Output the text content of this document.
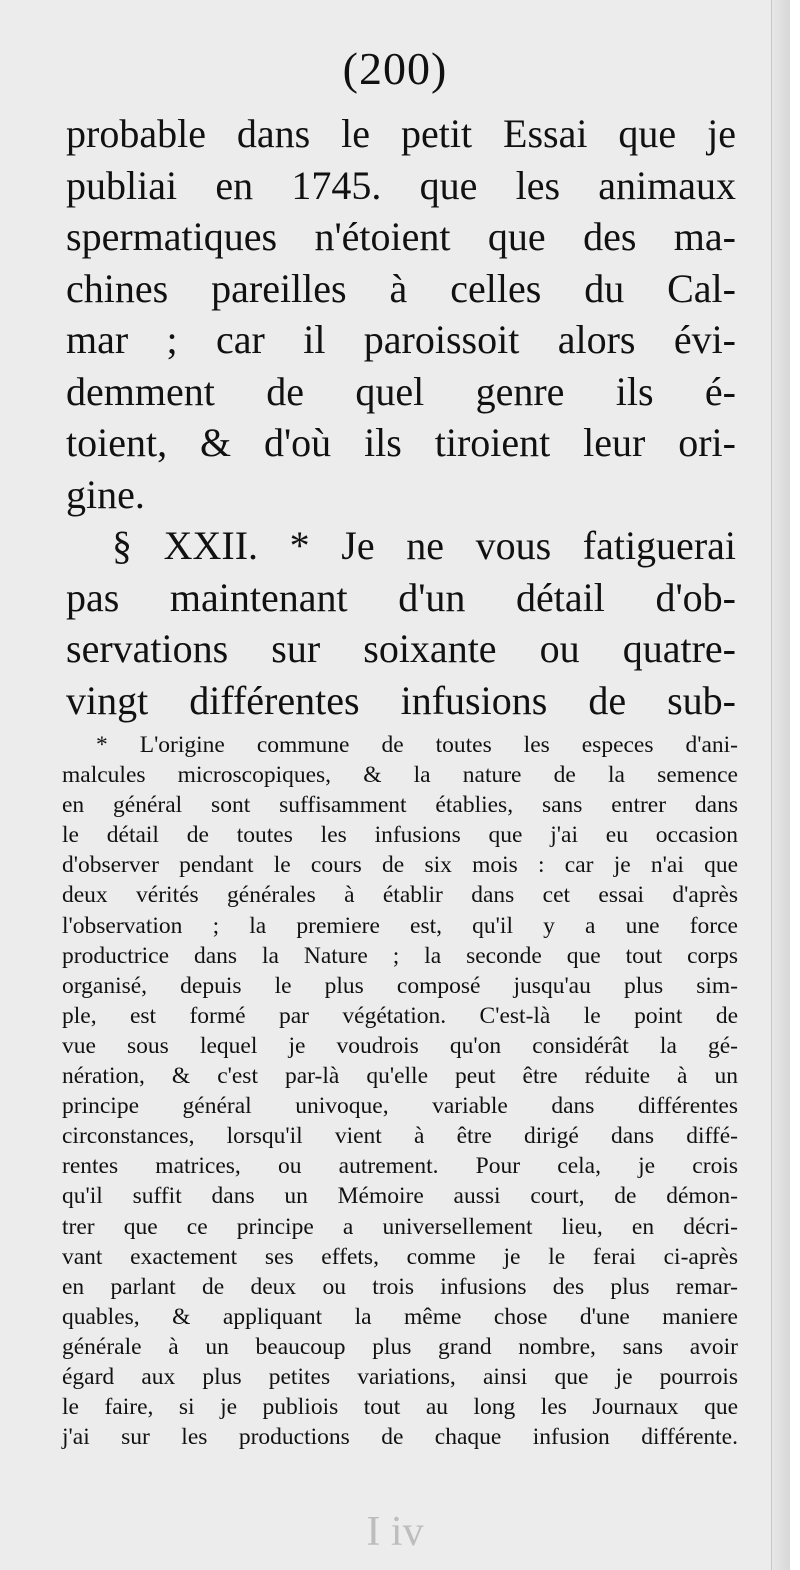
(200)
probable dans le petit Essai que je
publiai en 1745. que les animaux
spermatiques n'étoient que des ma-
chines pareilles à celles du Cal-
mar ; car il paroissoit alors évi-
demment de quel genre ils é-
toient, & d'où ils tiroient leur ori-
gine.
§ XXII. * Je ne vous fatiguerai
pas maintenant d'un détail d'ob-
servations sur soixante ou quatre-
vingt différentes infusions de sub-
* L'origine commune de toutes les especes d'ani-
malcules microscopiques, & la nature de la semence
en général sont suffisamment établies, sans entrer dans
le détail de toutes les infusions que j'ai eu occasion
d'observer pendant le cours de six mois : car je n'ai que
deux vérités générales à établir dans cet essai d'après
l'observation ; la premiere est, qu'il y a une force
productrice dans la Nature ; la seconde que tout corps
organisé, depuis le plus composé jusqu'au plus sim-
ple, est formé par végétation. C'est-là le point de
vue sous lequel je voudrois qu'on considérât la gé-
nération, & c'est par-là qu'elle peut être réduite à un
principe général univoque, variable dans différentes
circonstances, lorsqu'il vient à être dirigé dans diffé-
rentes matrices, ou autrement. Pour cela, je crois
qu'il suffit dans un Mémoire aussi court, de démon-
trer que ce principe a universellement lieu, en décri-
vant exactement ses effets, comme je le ferai ci-après
en parlant de deux ou trois infusions des plus remar-
quables, & appliquant la même chose d'une maniere
générale à un beaucoup plus grand nombre, sans avoir
égard aux plus petites variations, ainsi que je pourrois
le faire, si je publiois tout au long les Journaux que
j'ai sur les productions de chaque infusion différente.
I iv
